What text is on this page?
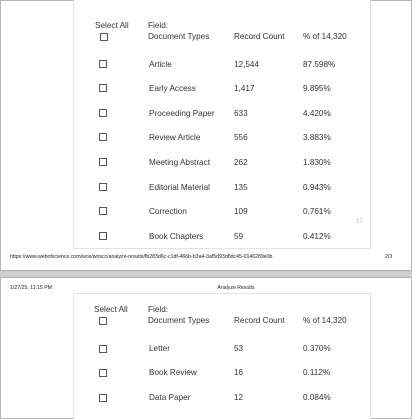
Select All Field:
Document Types	Record Count % of 14,320
Article	12,544	87.598%
Early Access	1,417	9.895%
Proceeding Paper 633	4.420%
Review Article	556	3.883%
Meeting Abstract	262	1.830%
Editorial Material	135	0.943%
Correction	109	0.761%
Book Chapters	59	0.412%
17
https://www.webofscience.com/wos/woscc/analyze-results/fb283d6c-c1df-466b-b3a4-3af5d93d8dc45-0146289e0b	2/3
1/27/25, 11:15 PM	Analyze Results
Select All Field:
Document Types	Record Count % of 14,320
Letter	53	0.370%
Book Review	16	0.112%
Data Paper	12	0.084%
